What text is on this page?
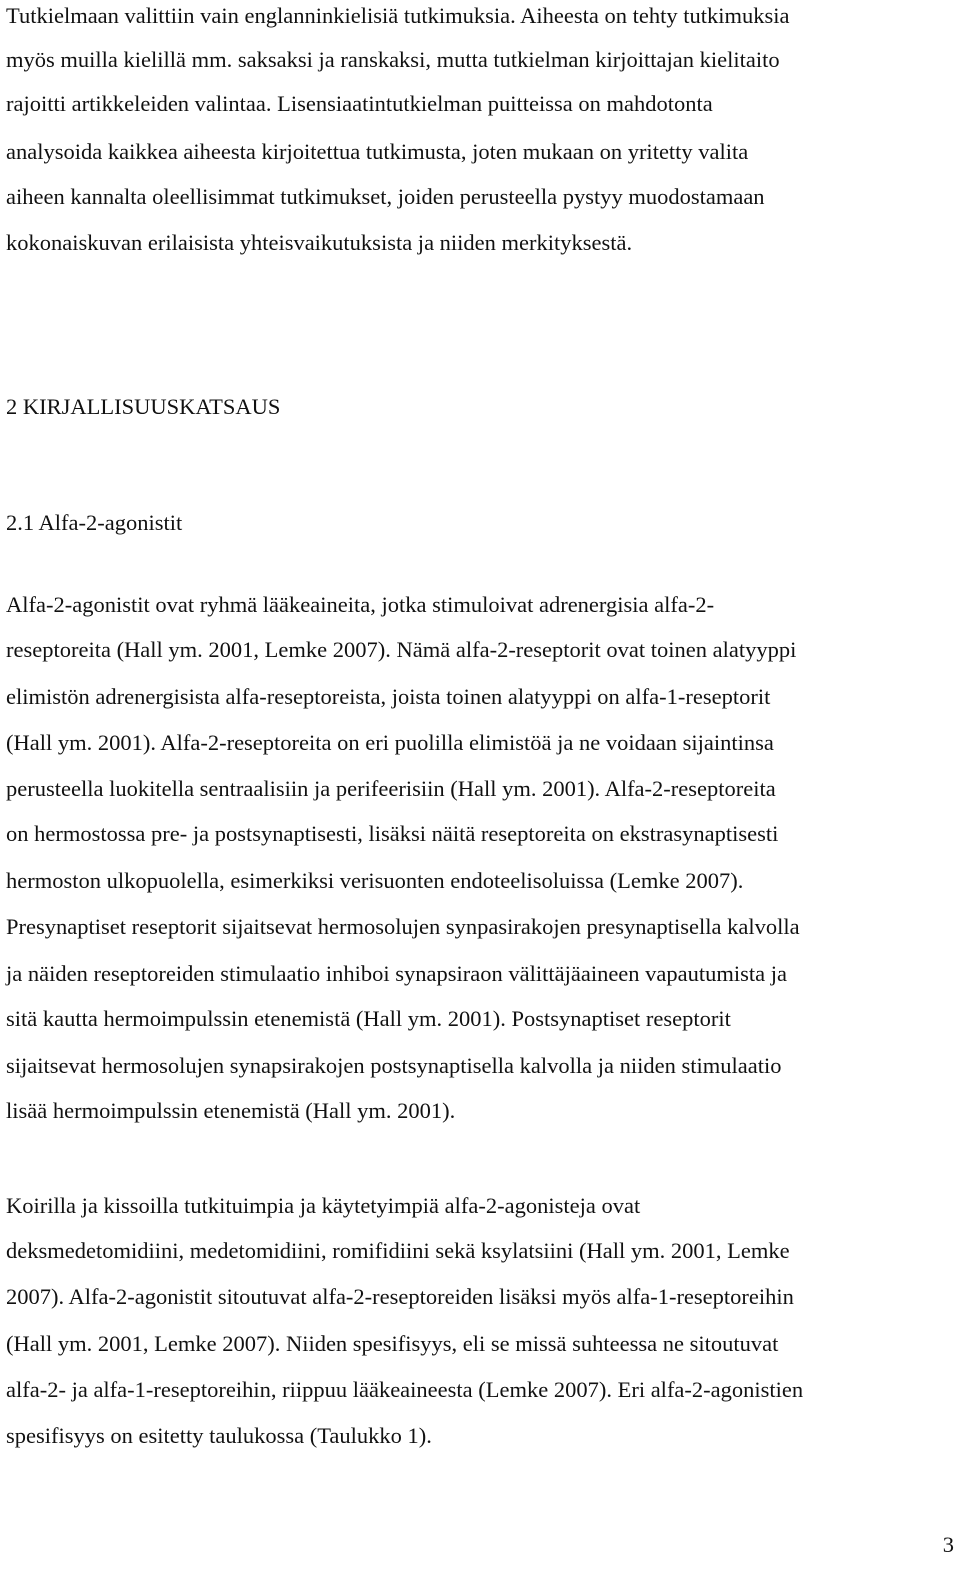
Tutkielmaan valittiin vain englanninkielisiä tutkimuksia. Aiheesta on tehty tutkimuksia
myös muilla kielillä mm. saksaksi ja ranskaksi, mutta tutkielman kirjoittajan kielitaito
rajoitti artikkeleiden valintaa. Lisensiaatintutkielman puitteissa on mahdotonta
analysoida kaikkea aiheesta kirjoitettua tutkimusta, joten mukaan on yritetty valita
aiheen kannalta oleellisimmat tutkimukset, joiden perusteella pystyy muodostamaan
kokonaiskuvan erilaisista yhteisvaikutuksista ja niiden merkityksestä.
2 KIRJALLISUUSKATSAUS
2.1 Alfa-2-agonistit
Alfa-2-agonistit ovat ryhmä lääkeaineita, jotka stimuloivat adrenergisia alfa-2-
reseptoreita (Hall ym. 2001, Lemke 2007). Nämä alfa-2-reseptorit ovat toinen alatyyppi
elimistön adrenergisista alfa-reseptoreista, joista toinen alatyyppi on alfa-1-reseptorit
(Hall ym. 2001). Alfa-2-reseptoreita on eri puolilla elimistöä ja ne voidaan sijaintinsa
perusteella luokitella sentraalisiin ja perifeerisiin (Hall ym. 2001). Alfa-2-reseptoreita
on hermostossa pre- ja postsynaptisesti, lisäksi näitä reseptoreita on ekstrasynaptisesti
hermoston ulkopuolella, esimerkiksi verisuonten endoteelisoluissa (Lemke 2007).
Presynaptiset reseptorit sijaitsevat hermosolujen synpasirakojen presynaptisella kalvolla
ja näiden reseptoreiden stimulaatio inhiboi synapsiraon välittäjäaineen vapautumista ja
sitä kautta hermoimpulssin etenemistä (Hall ym. 2001). Postsynaptiset reseptorit
sijaitsevat hermosolujen synapsirakojen postsynaptisella kalvolla ja niiden stimulaatio
lisää hermoimpulssin etenemistä (Hall ym. 2001).
Koirilla ja kissoilla tutkituimpia ja käytetyimpiä alfa-2-agonisteja ovat
deksmedetomidiini, medetomidiini, romifidiini sekä ksylatsiini (Hall ym. 2001, Lemke
2007). Alfa-2-agonistit sitoutuvat alfa-2-reseptoreiden lisäksi myös alfa-1-reseptoreihin
(Hall ym. 2001, Lemke 2007). Niiden spesifisyys, eli se missä suhteessa ne sitoutuvat
alfa-2- ja alfa-1-reseptoreihin, riippuu lääkeaineesta (Lemke 2007). Eri alfa-2-agonistien
spesifisyys on esitetty taulukossa (Taulukko 1).
3
